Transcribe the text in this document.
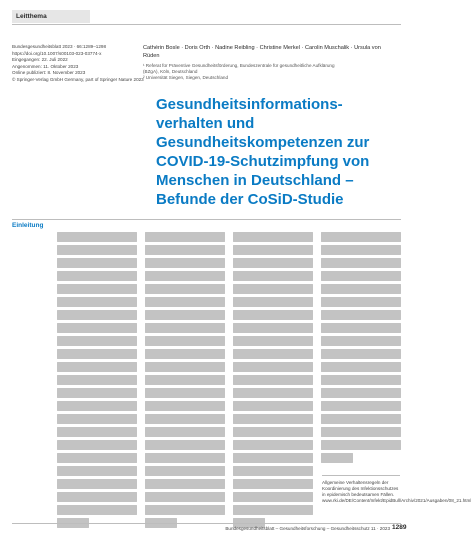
Leitthema
Bundesgesundheitsblatt 2023 · 66:1289–1298
https://doi.org/10.1007/s00103-023-03774-x
Eingegangen: 22. Juli 2022
Angenommen: 11. Oktober 2023
Online publiziert: 8. November 2023
© Springer-Verlag GmbH Germany, part of Springer Nature 2023
Cathérin Bosle · Doris Orth · Nadine Reibling · Christine Merkel · Carolin Muschalik · Ursula von Rüden
¹ Referat für Präventive Gesundheitsförderung, Bundeszentrale für gesundheitliche Aufklärung
(BZgA), Köln, Deutschland
² Universität Siegen, Siegen, Deutschland
Gesundheitsinformations-verhalten und Gesundheitskompetenzen zur COVID-19-Schutzimpfung von Menschen in Deutschland – Befunde der CoSiD-Studie
Einleitung
Allgemeine Verhaltensregeln der Koordinierung des Infektionsschutzes in epidemisch bedeutsamen Fällen. www.rki.de/DE/Content/Infekt/EpidBull/Archiv/2021/Ausgaben/08_21.html
Bundesgesundheitsblatt – Gesundheitsforschung – Gesundheitsschutz 11 · 2023 1289
